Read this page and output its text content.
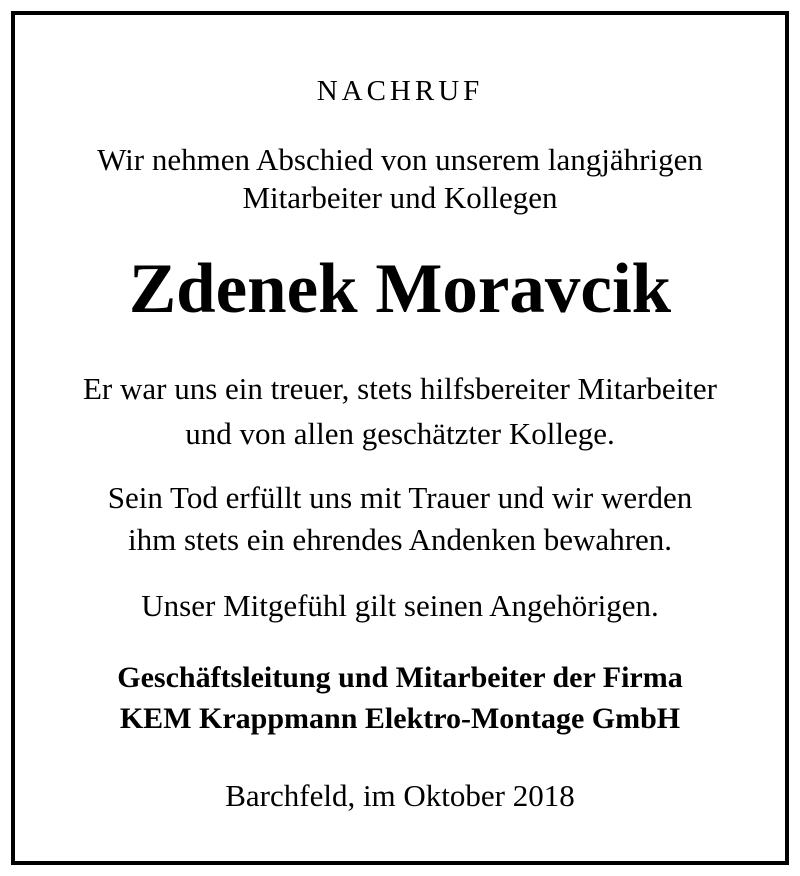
NACHRUF
Wir nehmen Abschied von unserem langjährigen
Mitarbeiter und Kollegen
Zdenek Moravcik
Er war uns ein treuer, stets hilfsbereiter Mitarbeiter
und von allen geschätzter Kollege.
Sein Tod erfüllt uns mit Trauer und wir werden
ihm stets ein ehrendes Andenken bewahren.
Unser Mitgefühl gilt seinen Angehörigen.
Geschäftsleitung und Mitarbeiter der Firma
KEM Krappmann Elektro-Montage GmbH
Barchfeld, im Oktober 2018
